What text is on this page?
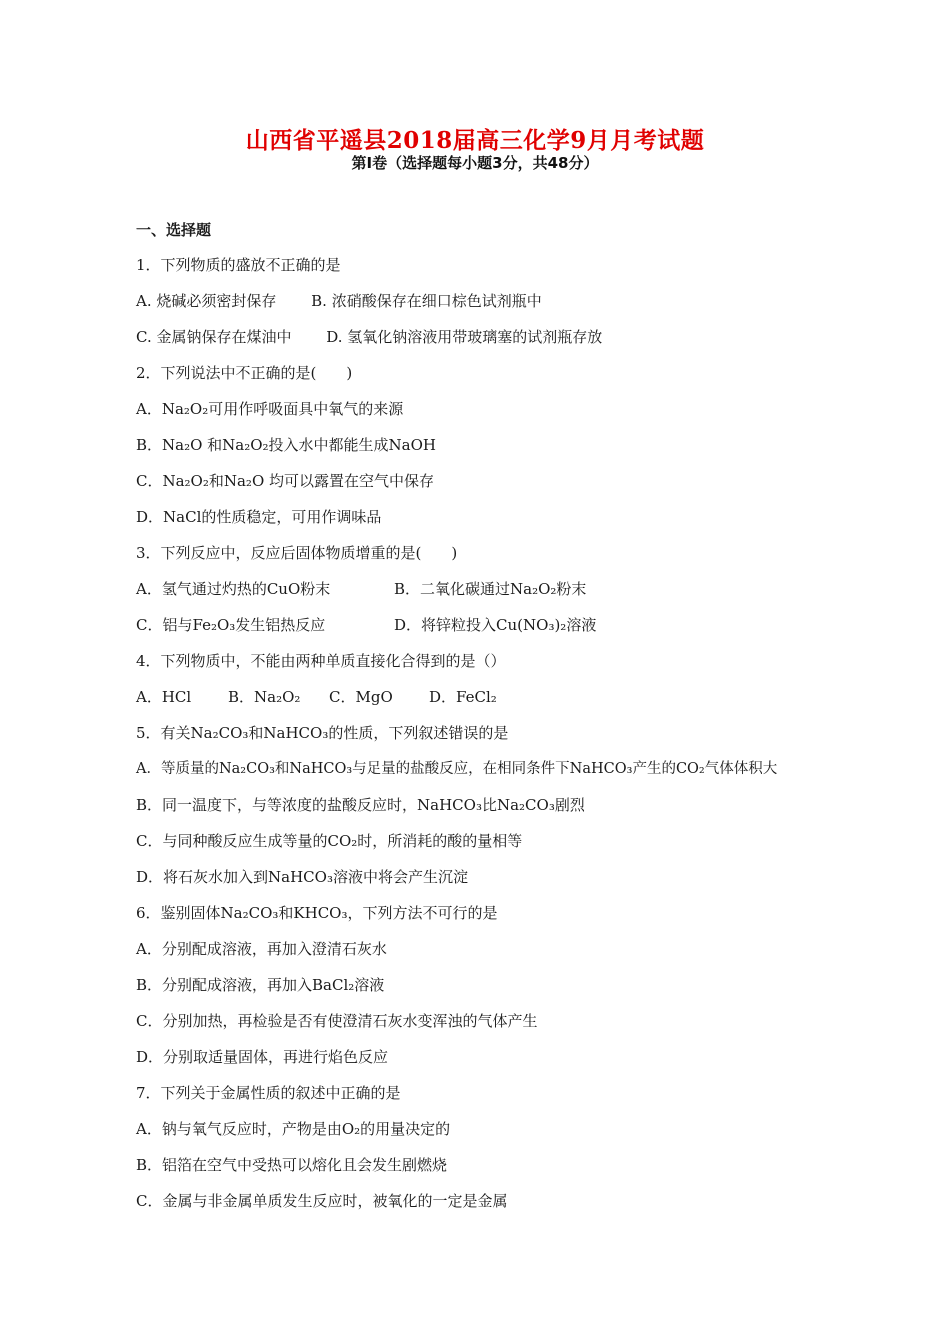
山西省平遥县2018届高三化学9月月考试题
第Ⅰ卷（选择题每小题3分，共48分）
一、选择题
1．下列物质的盛放不正确的是
A. 烧碱必须密封保存 B. 浓硝酸保存在细口棕色试剂瓶中
C. 金属钠保存在煤油中 D. 氢氧化钠溶液用带玻璃塞的试剂瓶存放
2．下列说法中不正确的是(　　)
A．Na₂O₂可用作呼吸面具中氧气的来源
B．Na₂O 和Na₂O₂投入水中都能生成NaOH
C．Na₂O₂和Na₂O 均可以露置在空气中保存
D．NaCl的性质稳定，可用作调味品
3．下列反应中，反应后固体物质增重的是(　　)
A．氢气通过灼热的CuO粉末	B．二氧化碳通过Na₂O₂粉末
C．铝与Fe₂O₃发生铝热反应	D．将锌粒投入Cu(NO₃)₂溶液
4．下列物质中，不能由两种单质直接化合得到的是（）
A．HCl B．Na₂O₂ C．MgO D．FeCl₂
5．有关Na₂CO₃和NaHCO₃的性质，下列叙述错误的是
A．等质量的Na₂CO₃和NaHCO₃与足量的盐酸反应，在相同条件下NaHCO₃产生的CO₂气体体积大
B．同一温度下，与等浓度的盐酸反应时，NaHCO₃比Na₂CO₃剧烈
C．与同种酸反应生成等量的CO₂时，所消耗的酸的量相等
D．将石灰水加入到NaHCO₃溶液中将会产生沉淀
6．鉴别固体Na₂CO₃和KHCO₃，下列方法不可行的是
A．分别配成溶液，再加入澄清石灰水
B．分别配成溶液，再加入BaCl₂溶液
C．分别加热，再检验是否有使澄清石灰水变浑浊的气体产生
D．分别取适量固体，再进行焰色反应
7．下列关于金属性质的叙述中正确的是
A．钠与氧气反应时，产物是由O₂的用量决定的
B．铝箔在空气中受热可以熔化且会发生剧燃烧
C．金属与非金属单质发生反应时，被氧化的一定是金属
